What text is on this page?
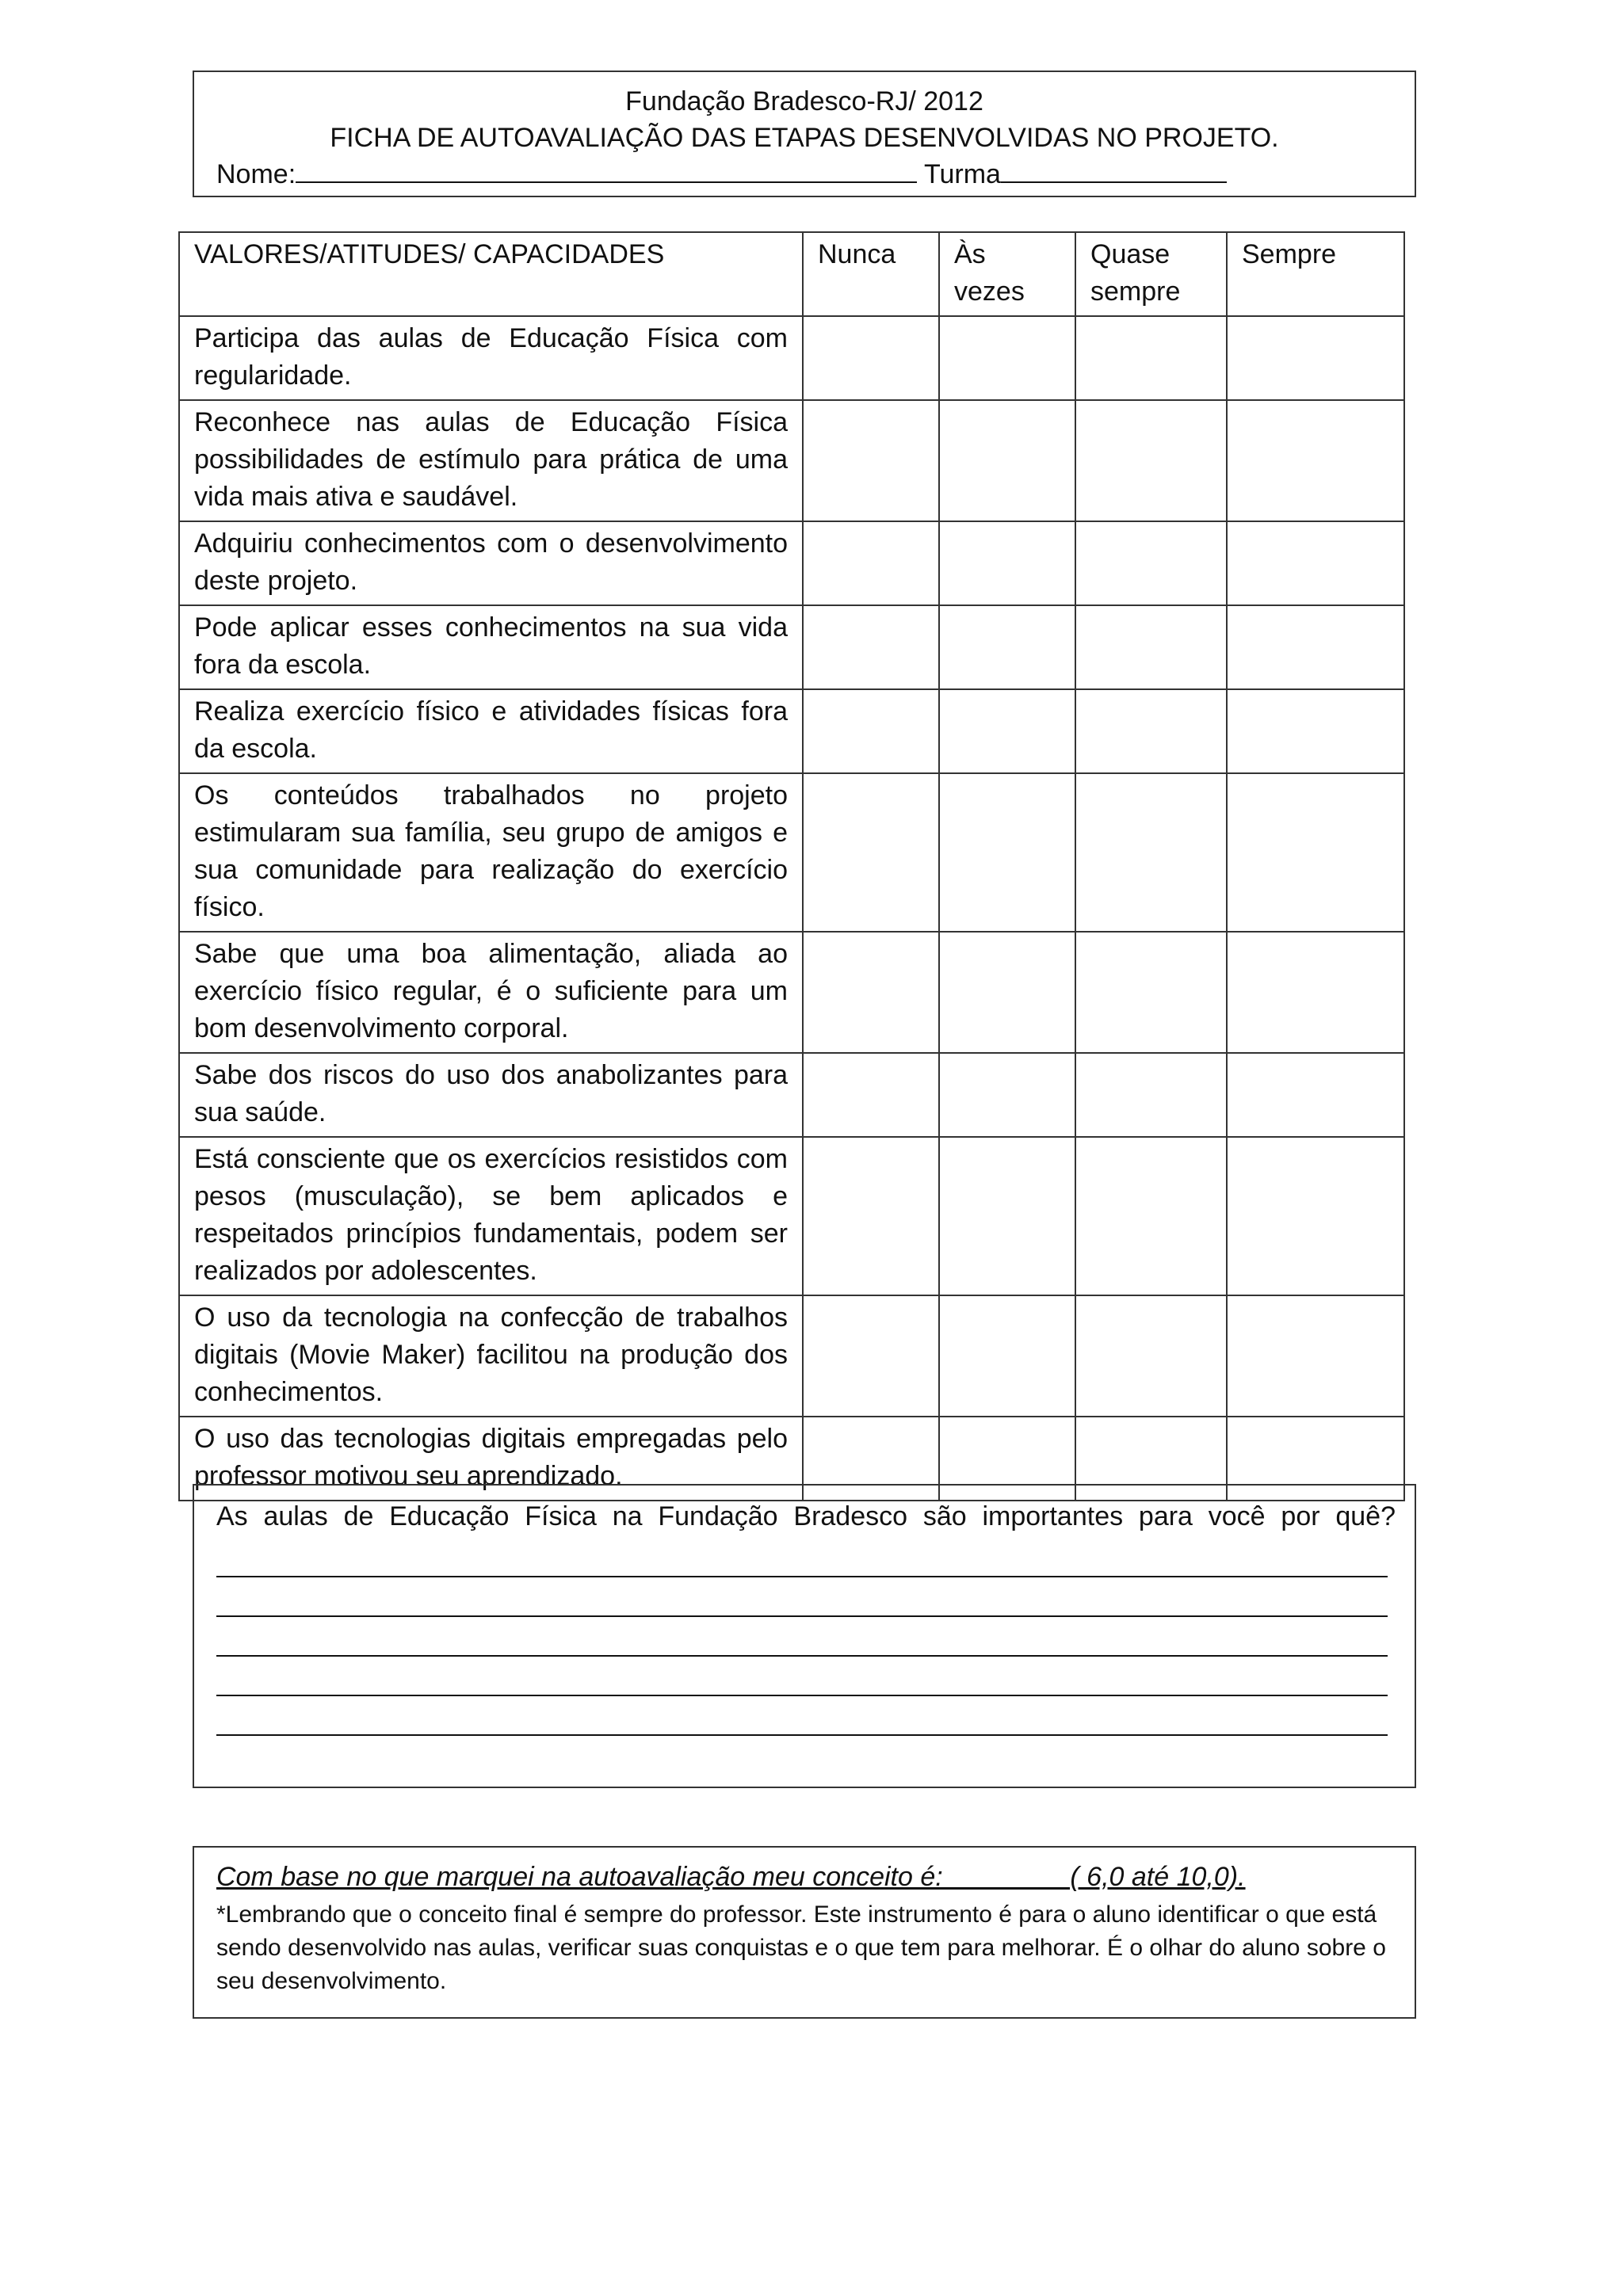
Fundação Bradesco-RJ/ 2012
FICHA DE AUTOAVALIAÇÃO DAS ETAPAS DESENVOLVIDAS NO PROJETO.
Nome:	Turma
VALORES/ATITUDES/ CAPACIDADES	Nunca	Às vezes	Quase sempre	Sempre
Participa das aulas de Educação Física com regularidade.				
Reconhece nas aulas de Educação Física possibilidades de estímulo para prática de uma vida mais ativa e saudável.				
Adquiriu conhecimentos com o desenvolvimento deste projeto.				
Pode aplicar esses conhecimentos na sua vida fora da escola.				
Realiza exercício físico e atividades físicas fora da escola.				
Os conteúdos trabalhados no projeto estimularam sua família, seu grupo de amigos e sua comunidade para realização do exercício físico.				
Sabe que uma boa alimentação, aliada ao exercício físico regular, é o suficiente para um bom desenvolvimento corporal.				
Sabe dos riscos do uso dos anabolizantes para sua saúde.				
Está consciente que os exercícios resistidos com pesos (musculação), se bem aplicados e respeitados princípios fundamentais, podem ser realizados por adolescentes.				
O uso da tecnologia na confecção de trabalhos digitais (Movie Maker) facilitou na produção dos conhecimentos.				
O uso das tecnologias digitais empregadas pelo professor motivou seu aprendizado.				
As aulas de Educação Física na Fundação Bradesco são importantes para você por quê?
Com base no que marquei na autoavaliação meu conceito é:________ ( 6,0 até 10,0).
*Lembrando que o conceito final é sempre do professor. Este instrumento é para o aluno identificar o que está sendo desenvolvido nas aulas, verificar suas conquistas e o que tem para melhorar. É o olhar do aluno sobre o seu desenvolvimento.
